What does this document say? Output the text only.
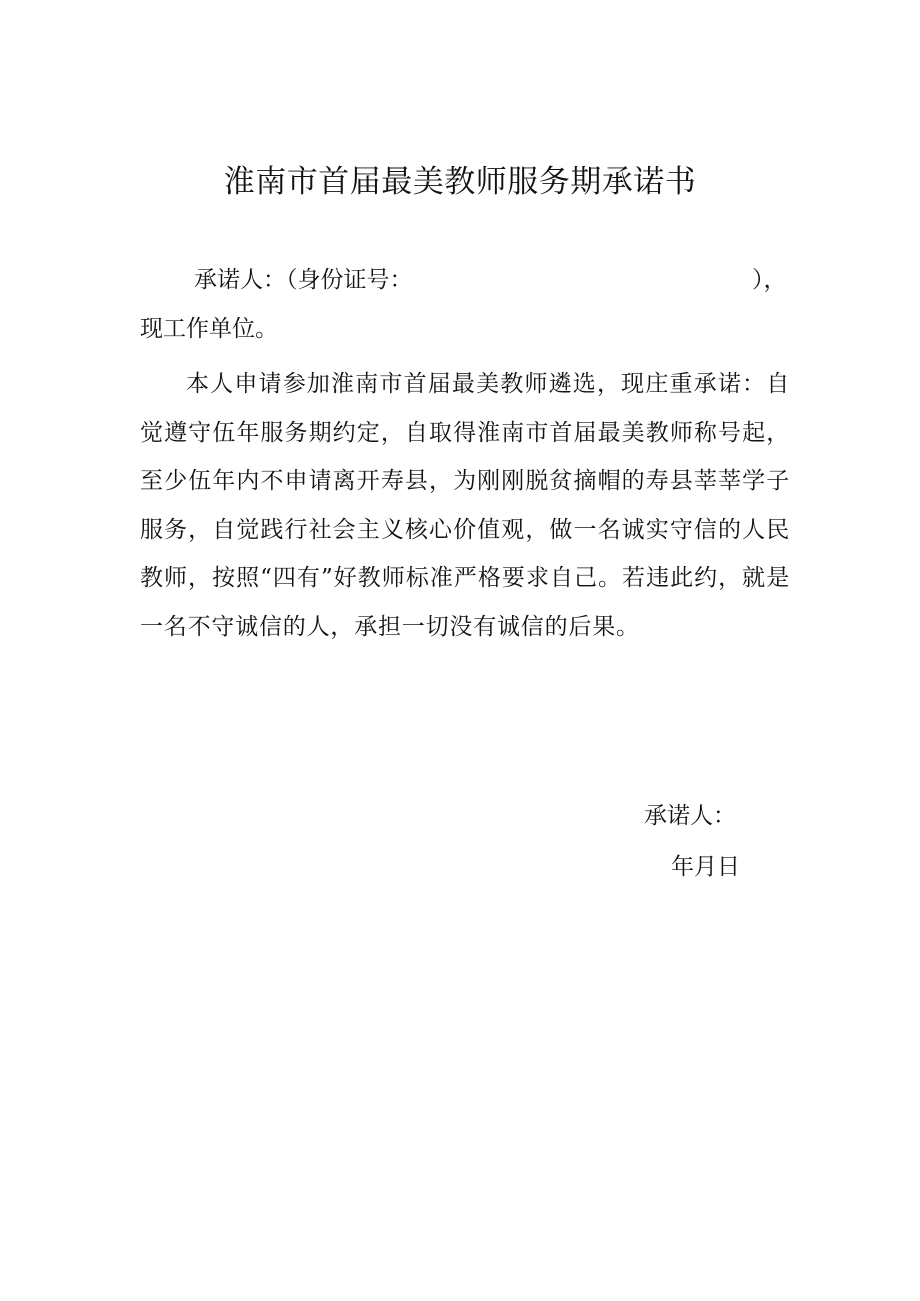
淮南市首届最美教师服务期承诺书
承诺人：（身份证号：	），
现工作单位。

本人申请参加淮南市首届最美教师遴选，现庄重承诺：自觉遵守伍年服务期约定，自取得淮南市首届最美教师称号起，至少伍年内不申请离开寿县，为刚刚脱贫摘帽的寿县莘莘学子服务，自觉践行社会主义核心价值观，做一名诚实守信的人民教师，按照“四有”好教师标准严格要求自己。若违此约，就是一名不守诚信的人，承担一切没有诚信的后果。

承诺人：
年月日
